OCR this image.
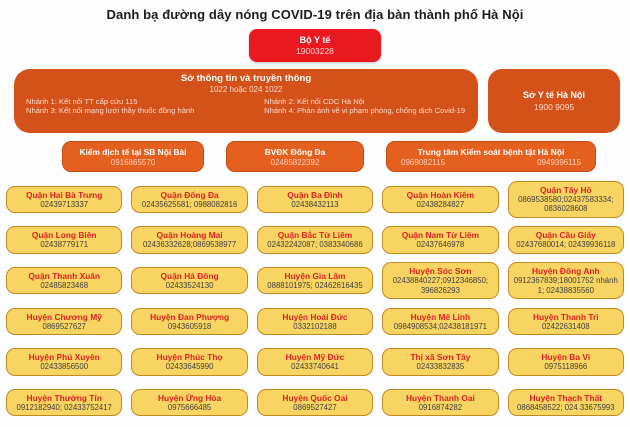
Danh bạ đường dây nóng COVID-19 trên địa bàn thành phố Hà Nội
Bộ Y tế
19003228
Sở thông tin và truyền thông
1022 hoặc 024 1022
Nhánh 1: Kết nối TT cấp cứu 115
Nhánh 3: Kết nối mạng lưới thầy thuốc đồng hành
Nhánh 2: Kết nối CDC Hà Nội
Nhánh 4: Phản ánh về vi phạm phòng, chống dịch Covid-19
Sở Y tế Hà Nội
1900 9095
Kiểm dịch tế tại SB Nội Bài
0916865570
BVĐK Đống Đa
02485822392
Trung tâm Kiểm soát bệnh tật Hà Nội
0969082115	0949396115
Quận Hai Bà Trưng
02439713337
Quận Đống Đa
02435625581; 0988082816
Quận Ba Đình
02438432113
Quận Hoàn Kiếm
02438284827
Quận Tây Hồ
0869538580;02437583334; 0836028608
Quận Long Biên
02438779171
Quận Hoàng Mai
02436332628;0869538977
Quận Bắc Từ Liêm
02432242087; 0383340686
Quận Nam Từ Liêm
02437646978
Quận Cầu Giấy
02437680014; 02439936118
Quận Thanh Xuân
02485823468
Quận Hà Đông
02433524130
Huyện Gia Lâm
0888101975; 02462616435
Huyện Sóc Sơn
02438840227;0912346850; 396826293
Huyện Đông Anh
0912367839;18001752 nhánh 1; 02438835560
Huyện Chương Mỹ
0869527627
Huyện Đan Phượng
0943605918
Huyện Hoài Đức
0332102188
Huyện Mê Linh
0984908534;02438181971
Huyện Thanh Trì
02422631408
Huyện Phú Xuyên
02433856500
Huyện Phúc Thọ
02433645990
Huyện Mỹ Đức
02433740641
Thị xã Sơn Tây
02433832835
Huyện Ba Vì
0975118966
Huyện Thường Tín
0912182940; 02433752417
Huyện Ứng Hòa
0975666485
Huyện Quốc Oai
0869527427
Huyện Thanh Oai
0916874282
Huyện Thạch Thất
0868458522; 024 33675993
